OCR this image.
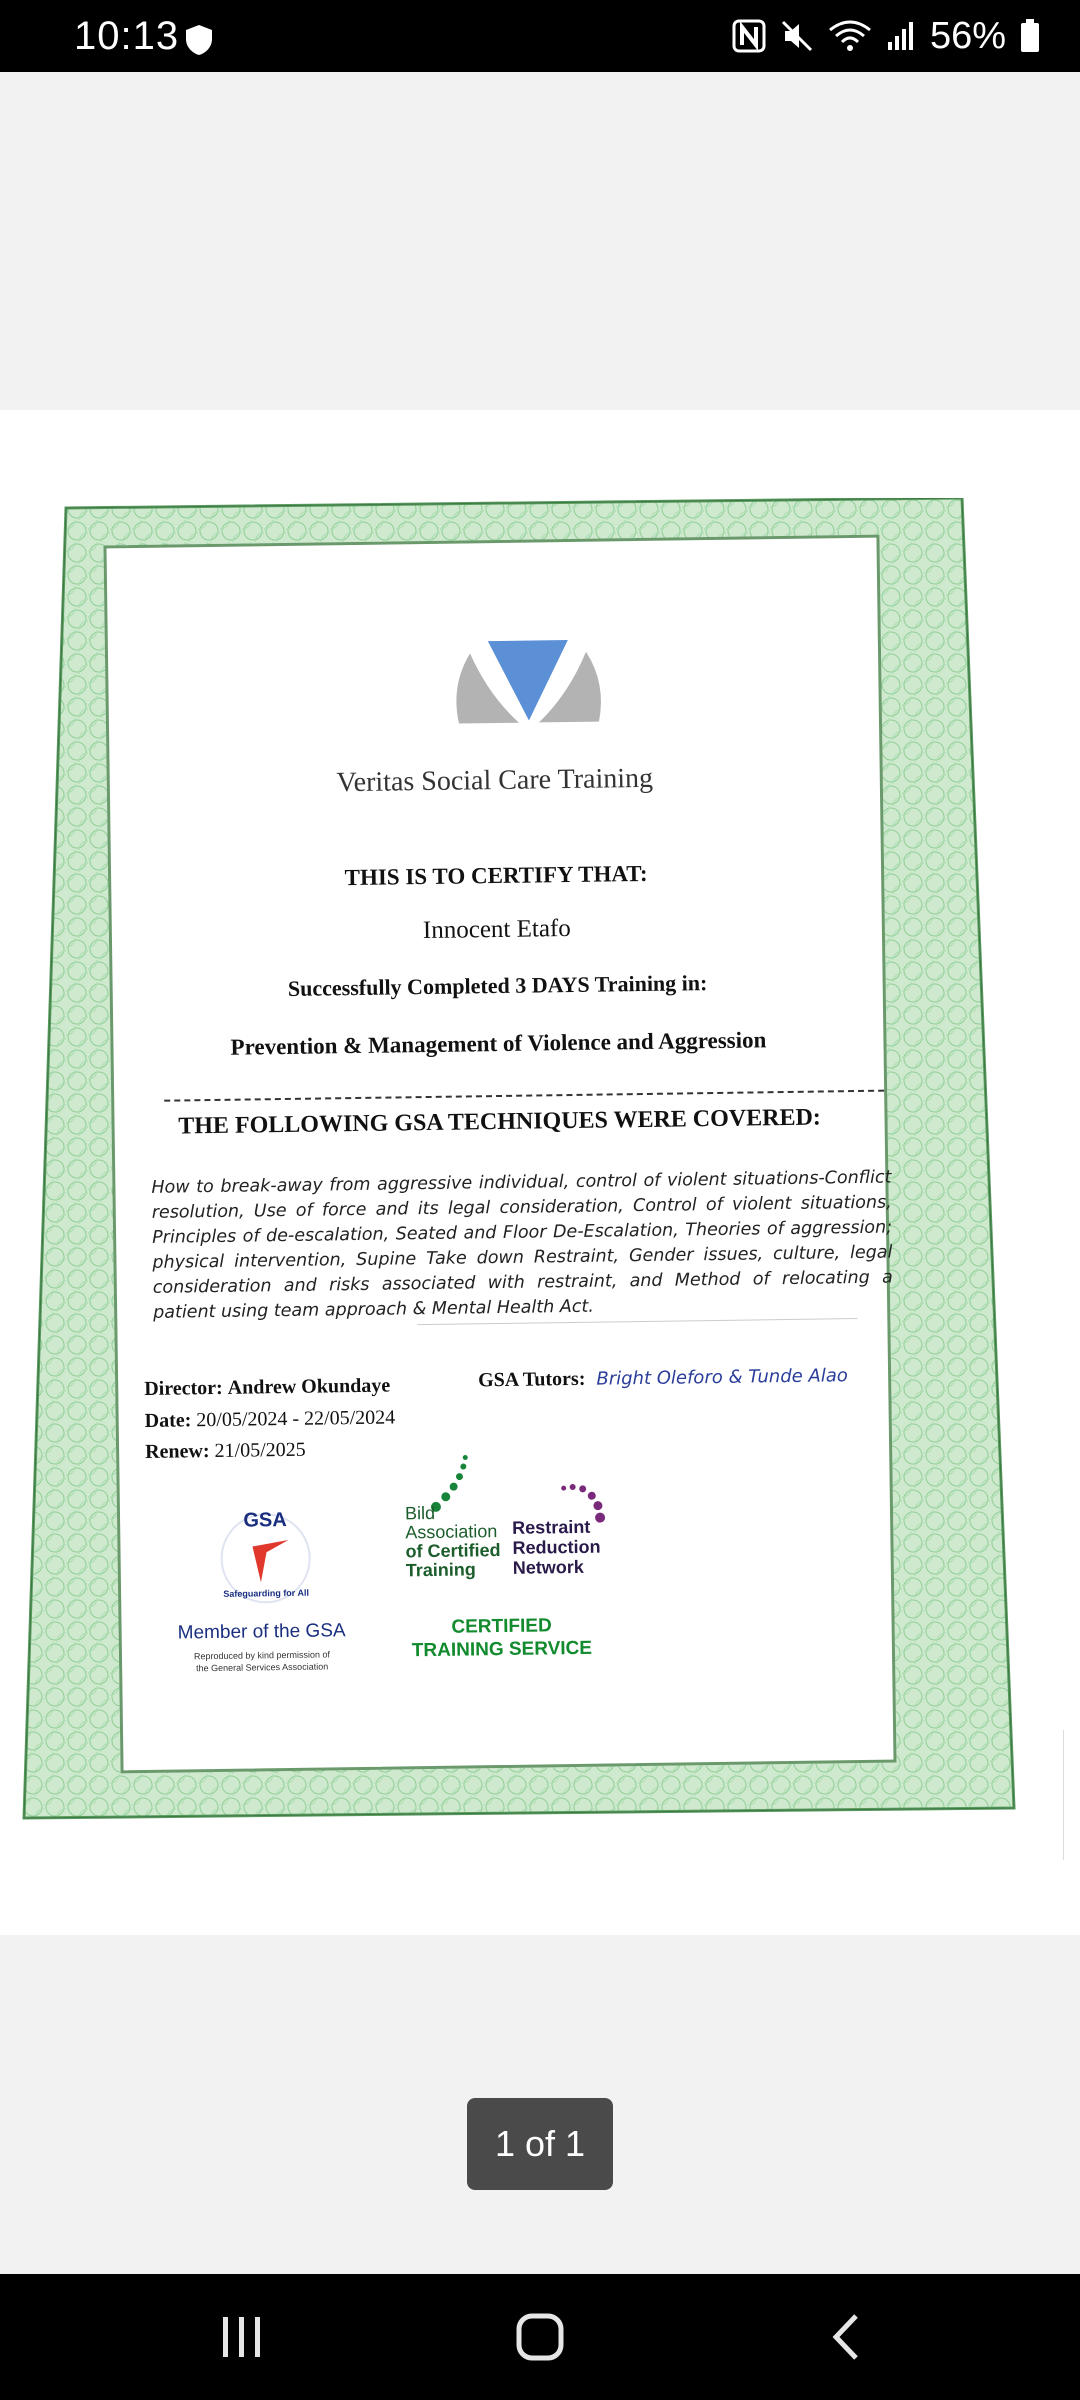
10:13	56%
Veritas Social Care Training
THIS IS TO CERTIFY THAT:
Innocent Etafo
Successfully Completed 3 DAYS Training in:
Prevention & Management of Violence and Aggression
THE FOLLOWING GSA TECHNIQUES WERE COVERED:
How to break-away from aggressive individual, control of violent situations-Conflict resolution, Use of force and its legal consideration, Control of violent situations, Principles of de-escalation, Seated and Floor De-Escalation, Theories of aggression; physical intervention, Supine Take down Restraint, Gender issues, culture, legal consideration and risks associated with restraint, and Method of relocating a patient using team approach & Mental Health Act.
Director: Andrew Okundaye
Date: 20/05/2024 - 22/05/2024
Renew: 21/05/2025
GSA Tutors: Bright Oleforo & Tunde Alao
GSA
Safeguarding for All
Member of the GSA
Reproduced by kind permission of
the General Services Association
Bild
Association
of Certified
Training
Restraint
Reduction
Network
CERTIFIED
TRAINING SERVICE
1 of 1
